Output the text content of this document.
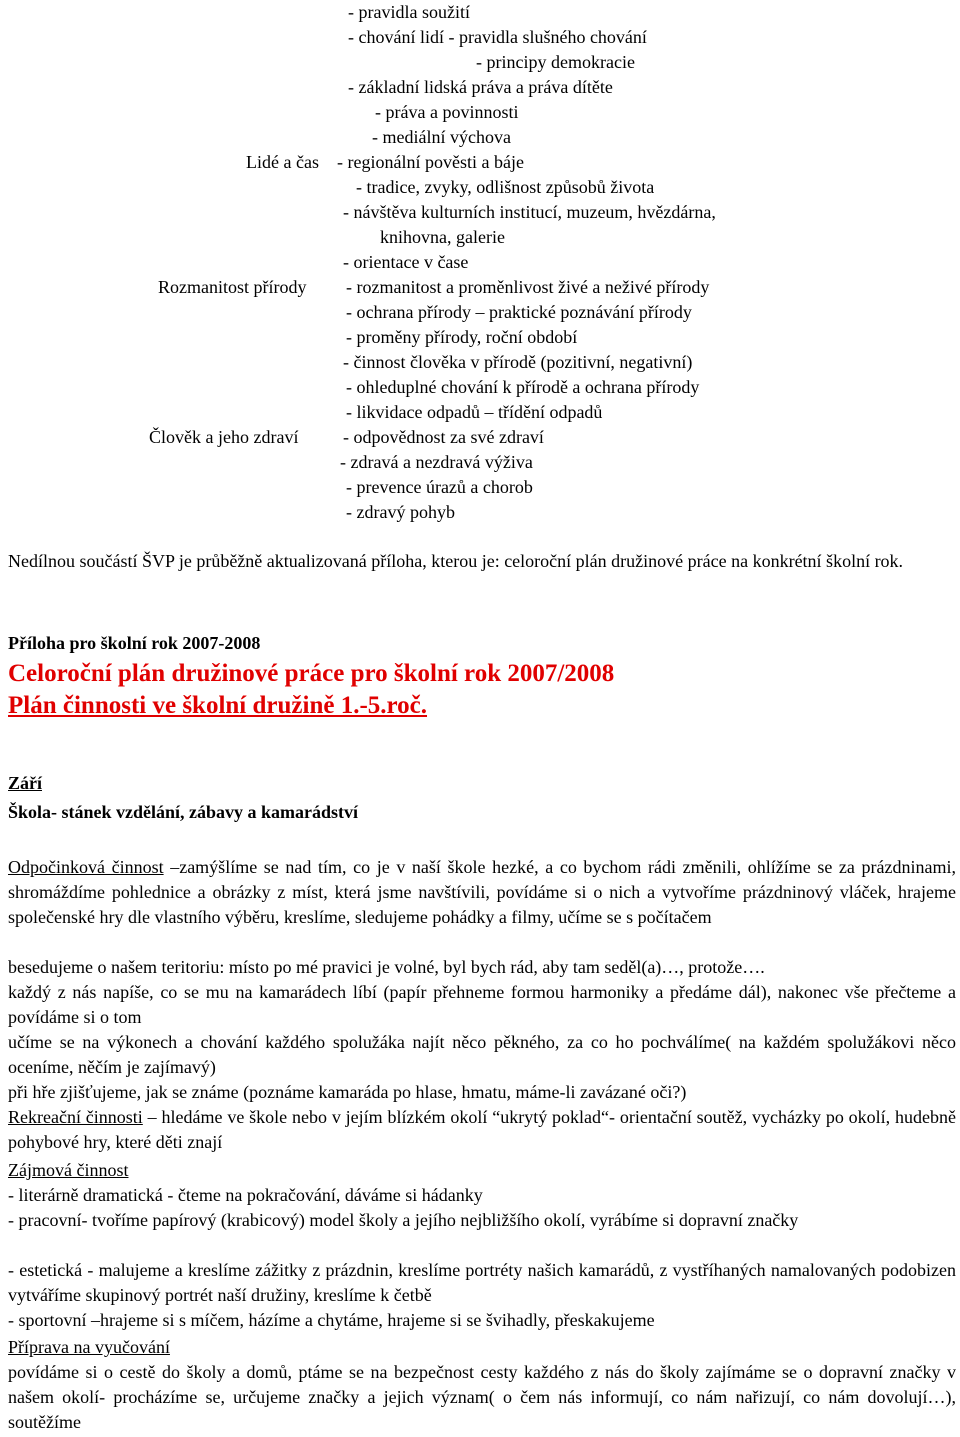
- pravidla soužití
- chování lidí - pravidla slušného chování
- principy demokracie
- základní lidská práva a práva dítěte
- práva a povinnosti
- mediální výchova
Lidé a čas - regionální pověsti a báje
- tradice, zvyky, odlišnost způsobů života
- návštěva kulturních institucí, muzeum, hvězdárna,
knihovna, galerie
- orientace v čase
Rozmanitost přírody - rozmanitost a proměnlivost živé a neživé přírody
- ochrana přírody – praktické poznávání přírody
- proměny přírody, roční období
- činnost člověka v přírodě (pozitivní, negativní)
- ohleduplné chování k přírodě a ochrana přírody
- likvidace odpadů – třídění odpadů
Člověk a jeho zdraví - odpovědnost za své zdraví
- zdravá a nezdravá výživa
- prevence úrazů a chorob
- zdravý pohyb
Nedílnou součástí ŠVP je průběžně aktualizovaná příloha, kterou je: celoroční plán družinové práce na konkrétní školní rok.
Příloha pro školní rok 2007-2008
Celoroční plán družinové práce pro školní rok 2007/2008
Plán činnosti ve školní družině 1.-5.roč.
Září
Škola- stánek vzdělání, zábavy a kamarádství
Odpočinková činnost –zamýšlíme se nad tím, co je v naší škole hezké, a co bychom rádi změnili, ohlížíme se za prázdninami, shromáždíme pohlednice a obrázky z míst, která jsme navštívili, povídáme si o nich a vytvoříme prázdninový vláček, hrajeme společenské hry dle vlastního výběru, kreslíme, sledujeme pohádky a filmy, učíme se s počítačem
besedujeme o našem teritoriu: místo po mé pravici je volné, byl bych rád, aby tam seděl(a)…, protože….
každý z nás napíše, co se mu na kamarádech líbí (papír přehneme formou harmoniky a předáme dál), nakonec vše přečteme a povídáme si o tom
učíme se na výkonech a chování každého spolužáka najít něco pěkného, za co ho pochválíme( na každém spolužákovi něco oceníme, něčím je zajímavý)
při hře zjišťujeme, jak se známe (poznáme kamaráda po hlase, hmatu, máme-li zavázané oči?)
Rekreační činnosti – hledáme ve škole nebo v jejím blízkém okolí “ukrytý poklad“- orientační soutěž, vycházky po okolí, hudebně pohybové hry, které děti znají
Zájmová činnost
- literárně dramatická - čteme na pokračování, dáváme si hádanky
- pracovní- tvoříme papírový (krabicový) model školy a jejího nejbližšího okolí, vyrábíme si dopravní značky
- estetická - malujeme a kreslíme zážitky z prázdnin, kreslíme portréty našich kamarádů, z vystříhaných namalovaných podobizen vytváříme skupinový portrét naší družiny, kreslíme k četbě
- sportovní –hrajeme si s míčem, házíme a chytáme, hrajeme si se švihadly, přeskakujeme
Příprava na vyučování
povídáme si o cestě do školy a domů, ptáme se na bezpečnost cesty každého z nás do školy zajímáme se o dopravní značky v našem okolí- procházíme se, určujeme značky a jejich význam( o čem nás informují, co nám nařizují, co nám dovolují…), soutěžíme
